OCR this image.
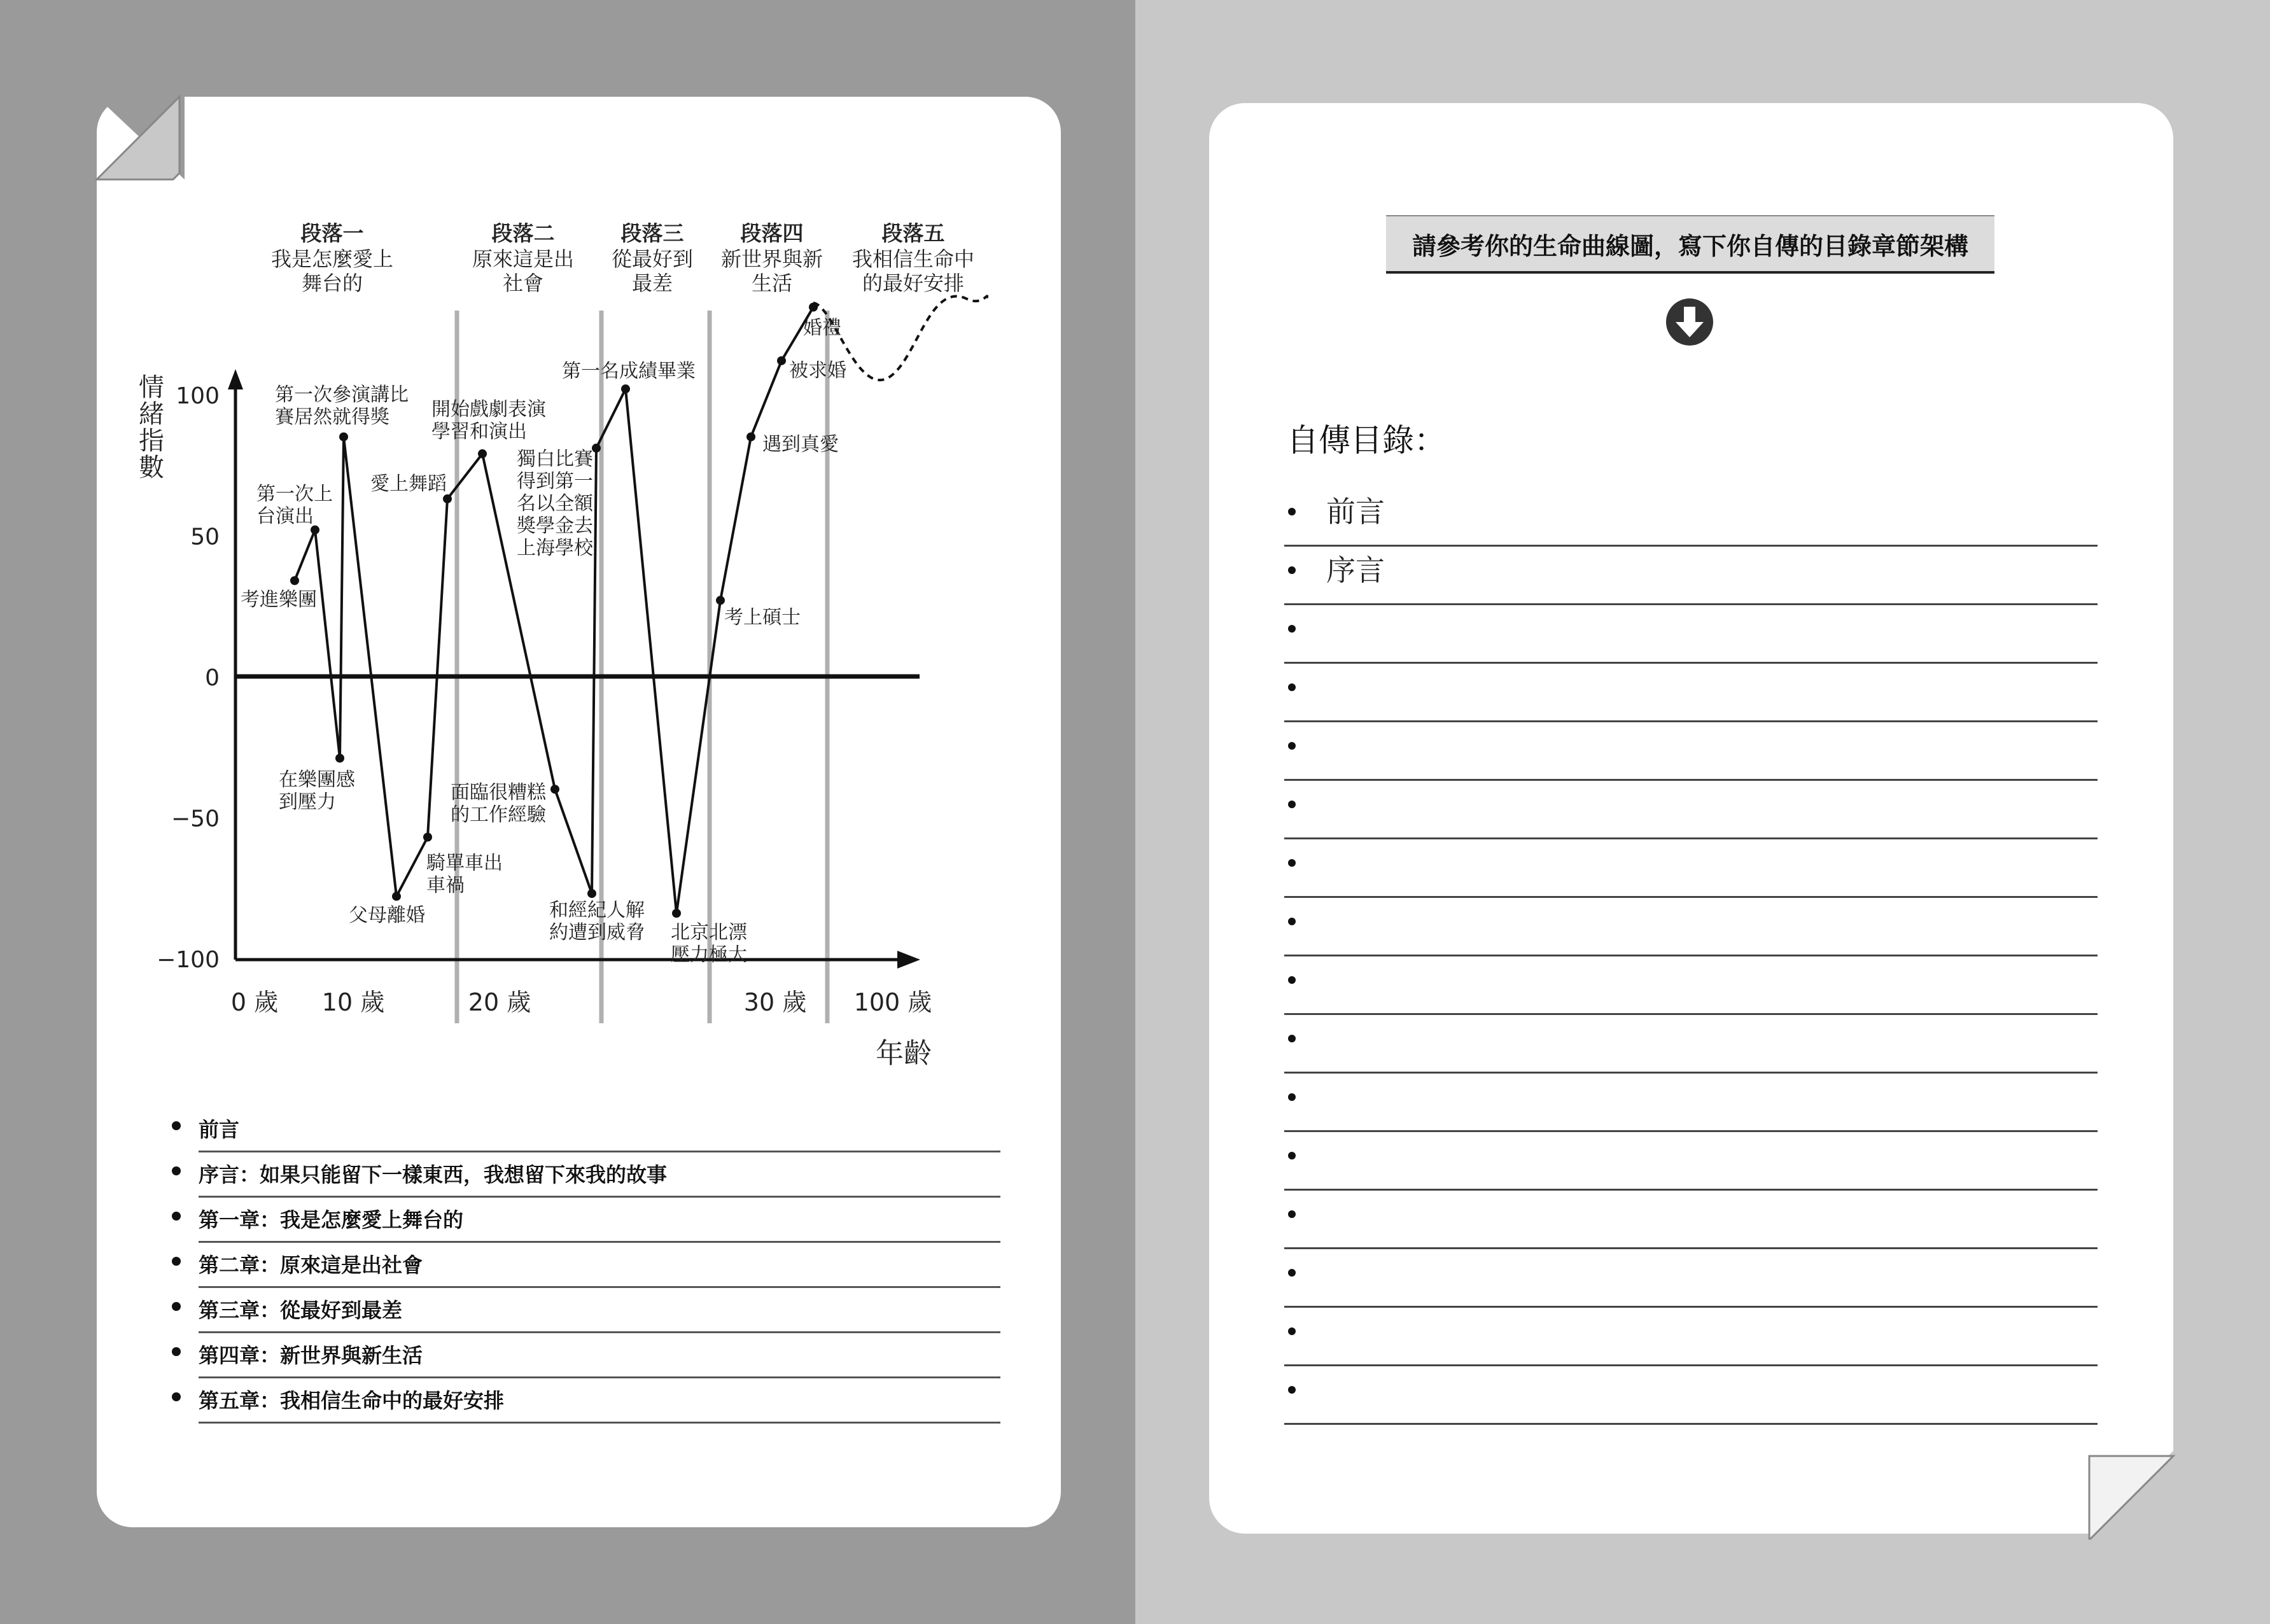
100
50
0
−50
−100
情
緒
指
數
0 歲 10 歲	20 歲	30 歲 100 歲
年齡
段落一
我是怎麼愛上
舞台的
段落二
原來這是出
社會
段落三
從最好到
最差
段落四
新世界與新
生活
段落五
我相信生命中
的最好安排
考進樂團
第一次上
台演出
在樂團感
到壓力
第一次參演講比
賽居然就得獎
父母離婚
騎單車出
車禍
愛上舞蹈
開始戲劇表演
學習和演出
面臨很糟糕
的工作經驗
和經紀人解
約遭到威脅
獨白比賽
得到第一
名以全額
獎學金去
上海學校
第一名成績畢業
北京北漂
壓力極大
考上碩士
遇到真愛
被求婚
婚禮
前言
序言：如果只能留下一樣東西，我想留下來我的故事
第一章：我是怎麼愛上舞台的
第二章：原來這是出社會
第三章：從最好到最差
第四章：新世界與新生活
第五章：我相信生命中的最好安排
請參考你的生命曲線圖，寫下你自傳的目錄章節架構
自傳目錄：
前言
序言
